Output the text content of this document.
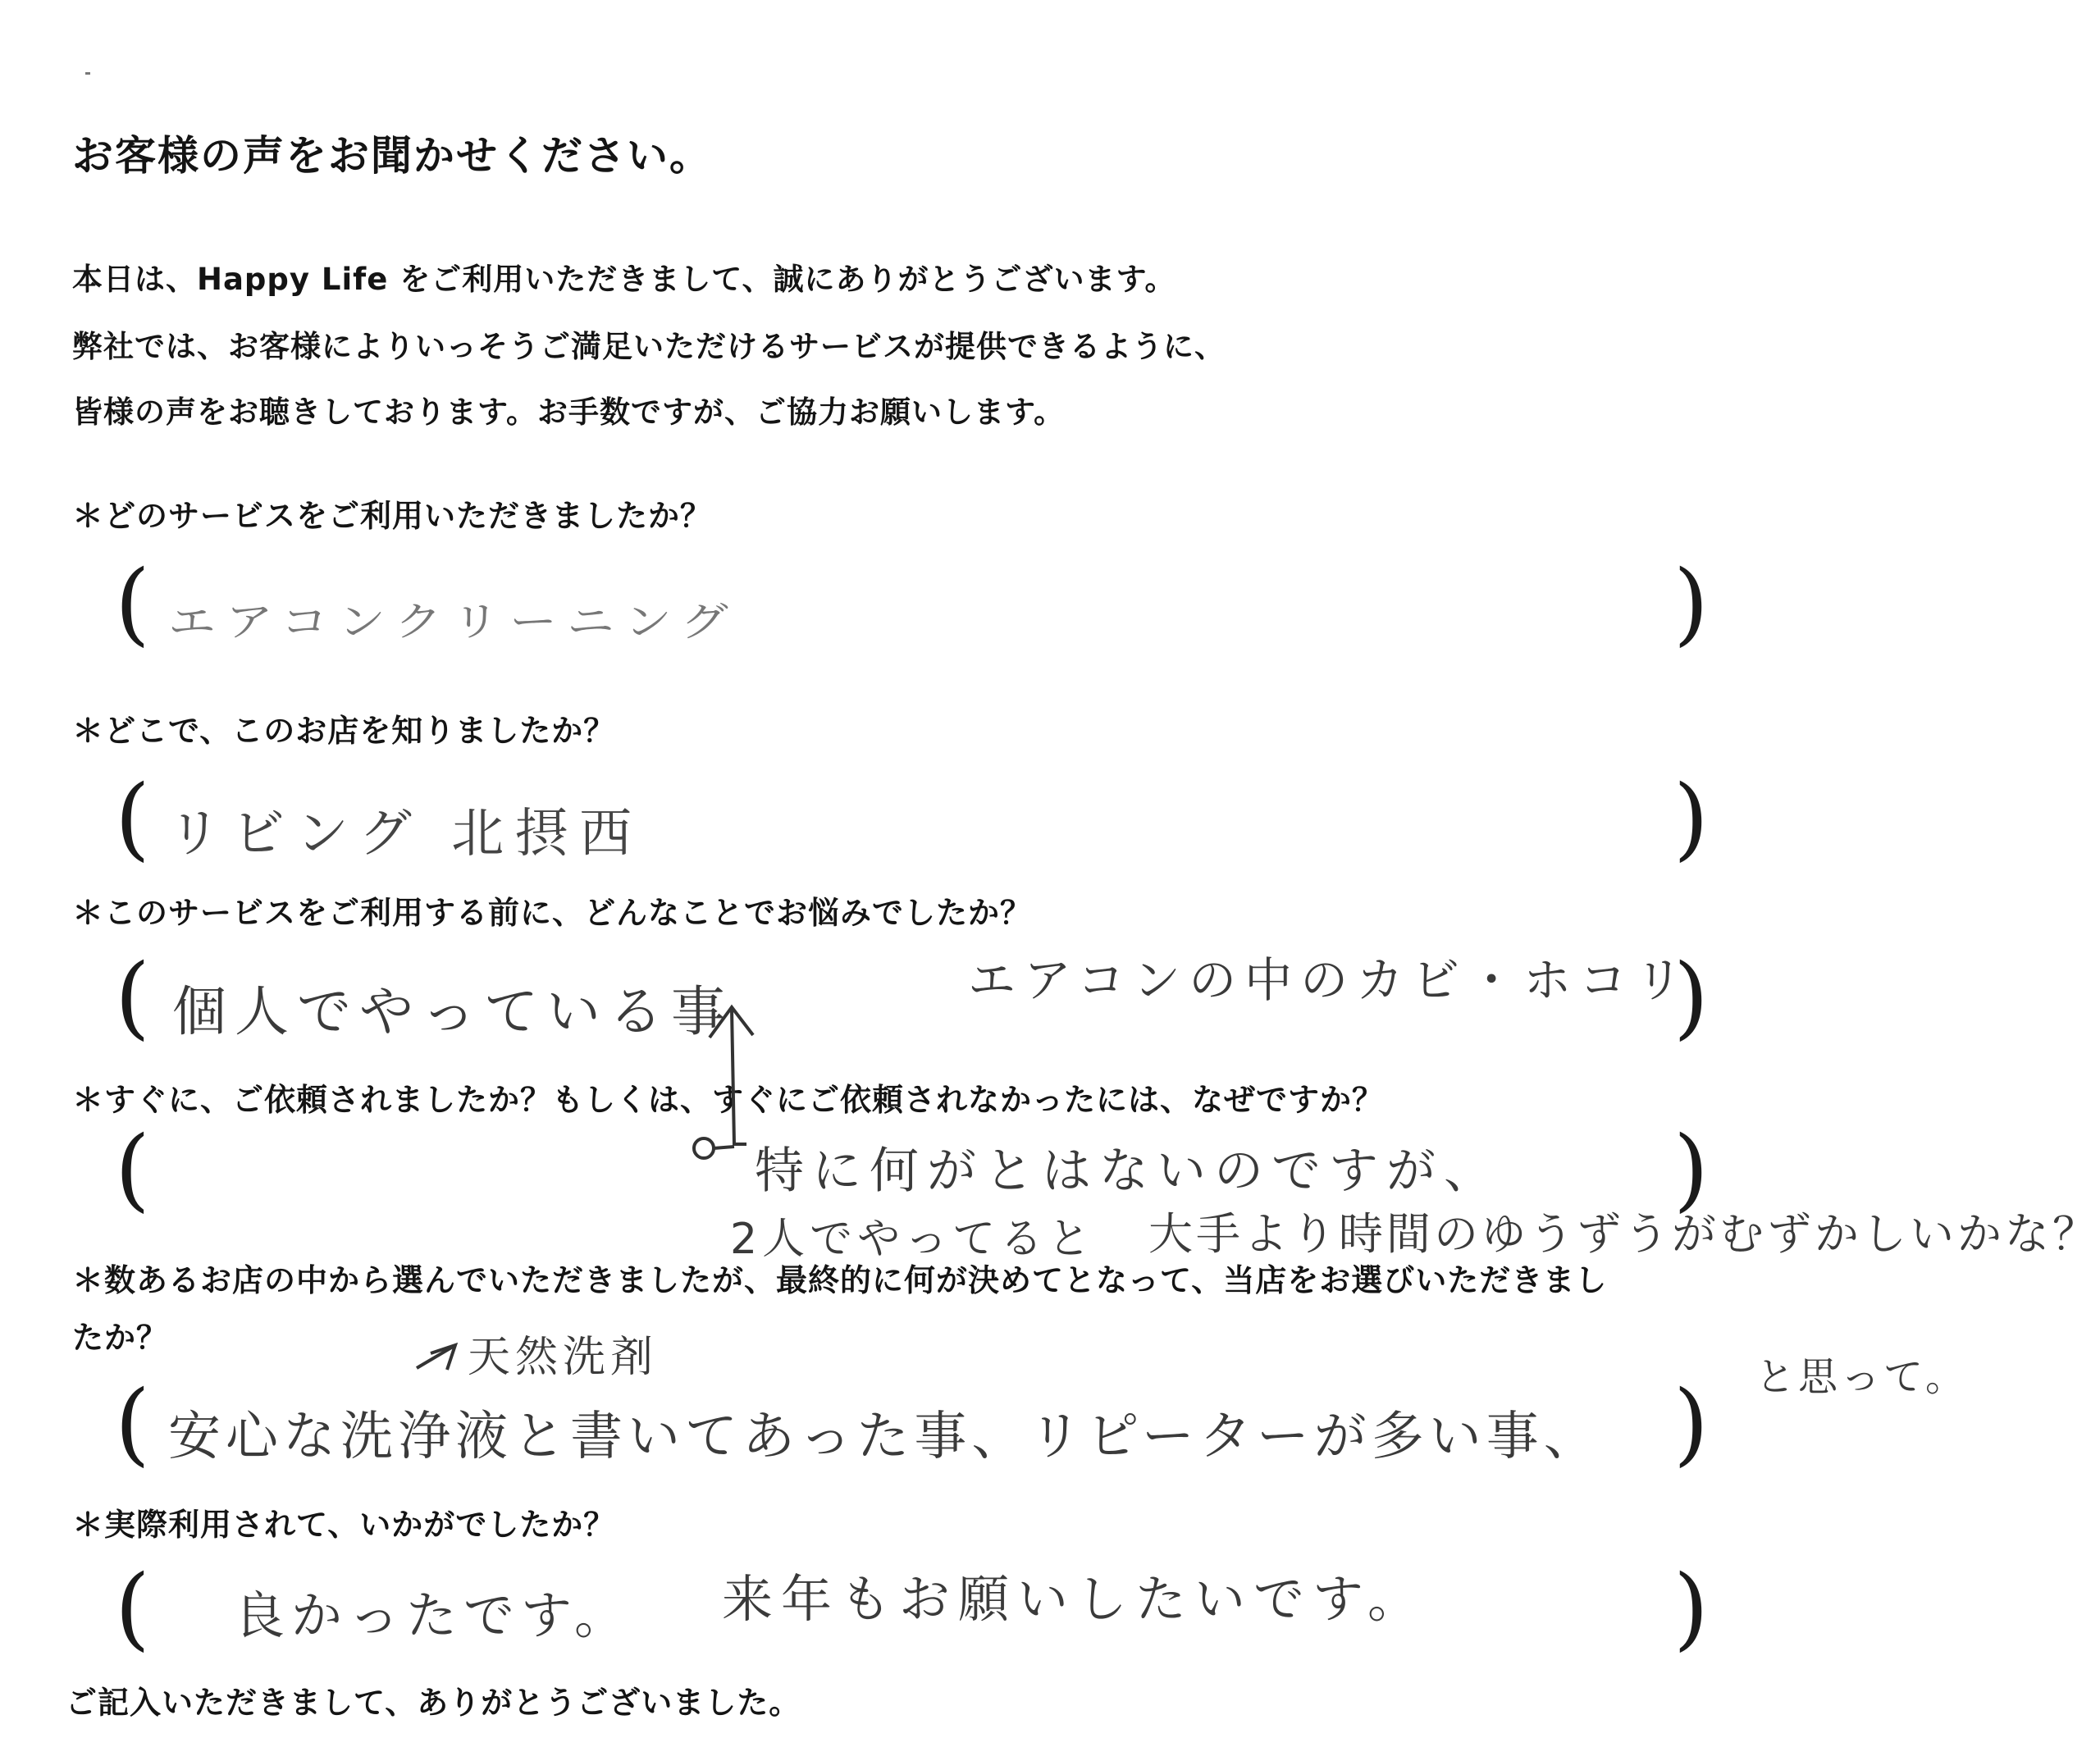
お客様の声をお聞かせください。
本日は、Happy Life をご利用いただきまして、誠にありがとうございます。
弊社では、お客様によりいっそうご満足いただけるサービスが提供できるように、
皆様の声をお聴きしております。お手数ですが、ご協力お願いします。
＊どのサービスをご利用いただきましたか？
(	)
エアコンクリーニング
＊どこで、このお店を知りましたか？
(	)
リビング 北摂西
＊このサービスをご利用する前に、どんなことでお悩みでしたか？
(	)
個人でやっている事	エアコンの中のカビ・ホコリ
＊すぐに、ご依頼されましたか？もしくは、すぐにご依頼されなかったには、なぜですか？
(	)
特に何がとはないのですが、
2人でやってると 大手より時間のゆうずうがむずかしいかな？
と思って。
＊数あるお店の中から選んでいただきましたが、最終的に何が決めてとなって、当店をお選びいただきまし
たか？
(	)
天然洗剤
安心な洗浄液と書いてあった事、リピーターが多い事、
＊実際利用されて、いかがでしたか？
(	)
良かったです。 来年もお願いしたいです。
ご記入いただきまして、ありがとうございました。
